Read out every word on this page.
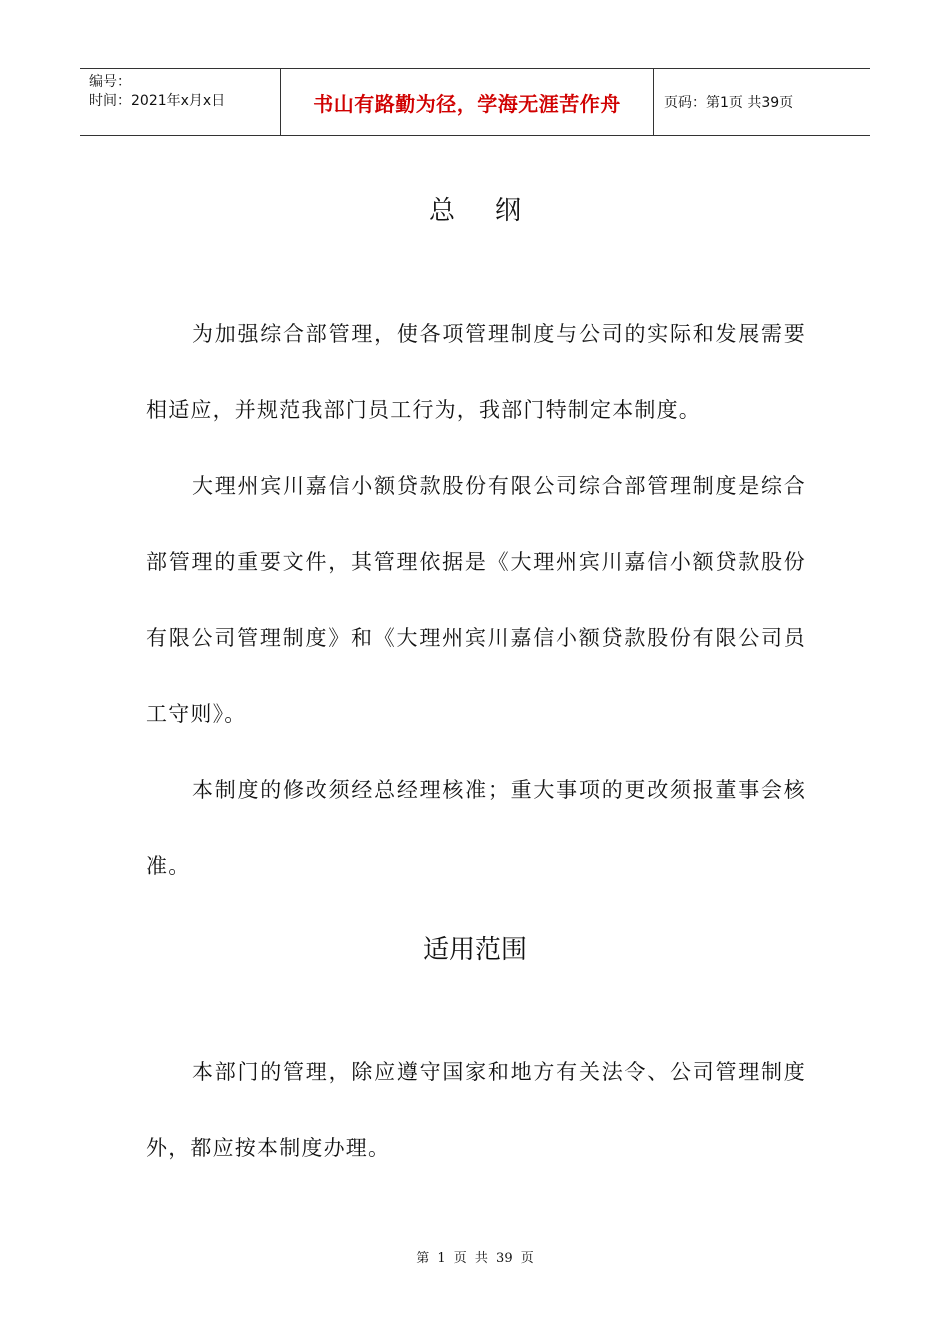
编号：
时间：2021年x月x日	书山有路勤为径，学海无涯苦作舟	页码：第1页 共39页
总纲

为加强综合部管理，使各项管理制度与公司的实际和发展需要相适应，并规范我部门员工行为，我部门特制定本制度。

大理州宾川嘉信小额贷款股份有限公司综合部管理制度是综合部管理的重要文件，其管理依据是《大理州宾川嘉信小额贷款股份有限公司管理制度》和《大理州宾川嘉信小额贷款股份有限公司员工守则》。

本制度的修改须经总经理核准；重大事项的更改须报董事会核准。

适用范围

本部门的管理，除应遵守国家和地方有关法令、公司管理制度外，都应按本制度办理。

第 1 页 共 39 页
